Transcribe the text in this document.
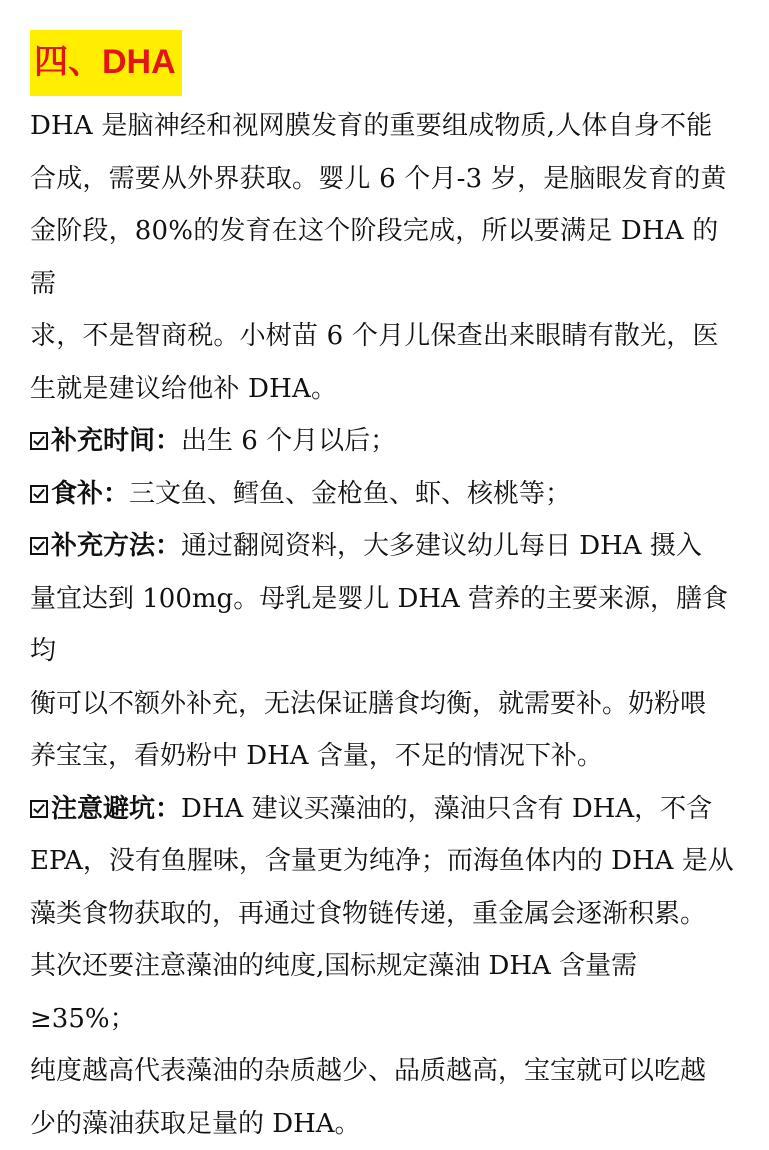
四、DHA

DHA 是脑神经和视网膜发育的重要组成物质,人体自身不能

合成，需要从外界获取。婴儿 6 个月-3 岁，是脑眼发育的黄

金阶段，80%的发育在这个阶段完成，所以要满足 DHA 的需

求，不是智商税。小树苗 6 个月儿保查出来眼睛有散光，医

生就是建议给他补 DHA。

补充时间：出生 6 个月以后；

食补：三文鱼、鳕鱼、金枪鱼、虾、核桃等；

补充方法：通过翻阅资料，大多建议幼儿每日 DHA 摄入

量宜达到 100mg。母乳是婴儿 DHA 营养的主要来源，膳食均

衡可以不额外补充，无法保证膳食均衡，就需要补。奶粉喂

养宝宝，看奶粉中 DHA 含量，不足的情况下补。

注意避坑：DHA 建议买藻油的，藻油只含有 DHA，不含

EPA，没有鱼腥味，含量更为纯净；而海鱼体内的 DHA 是从

藻类食物获取的，再通过食物链传递，重金属会逐渐积累。

其次还要注意藻油的纯度,国标规定藻油 DHA 含量需≥35%；

纯度越高代表藻油的杂质越少、品质越高，宝宝就可以吃越

少的藻油获取足量的 DHA。
